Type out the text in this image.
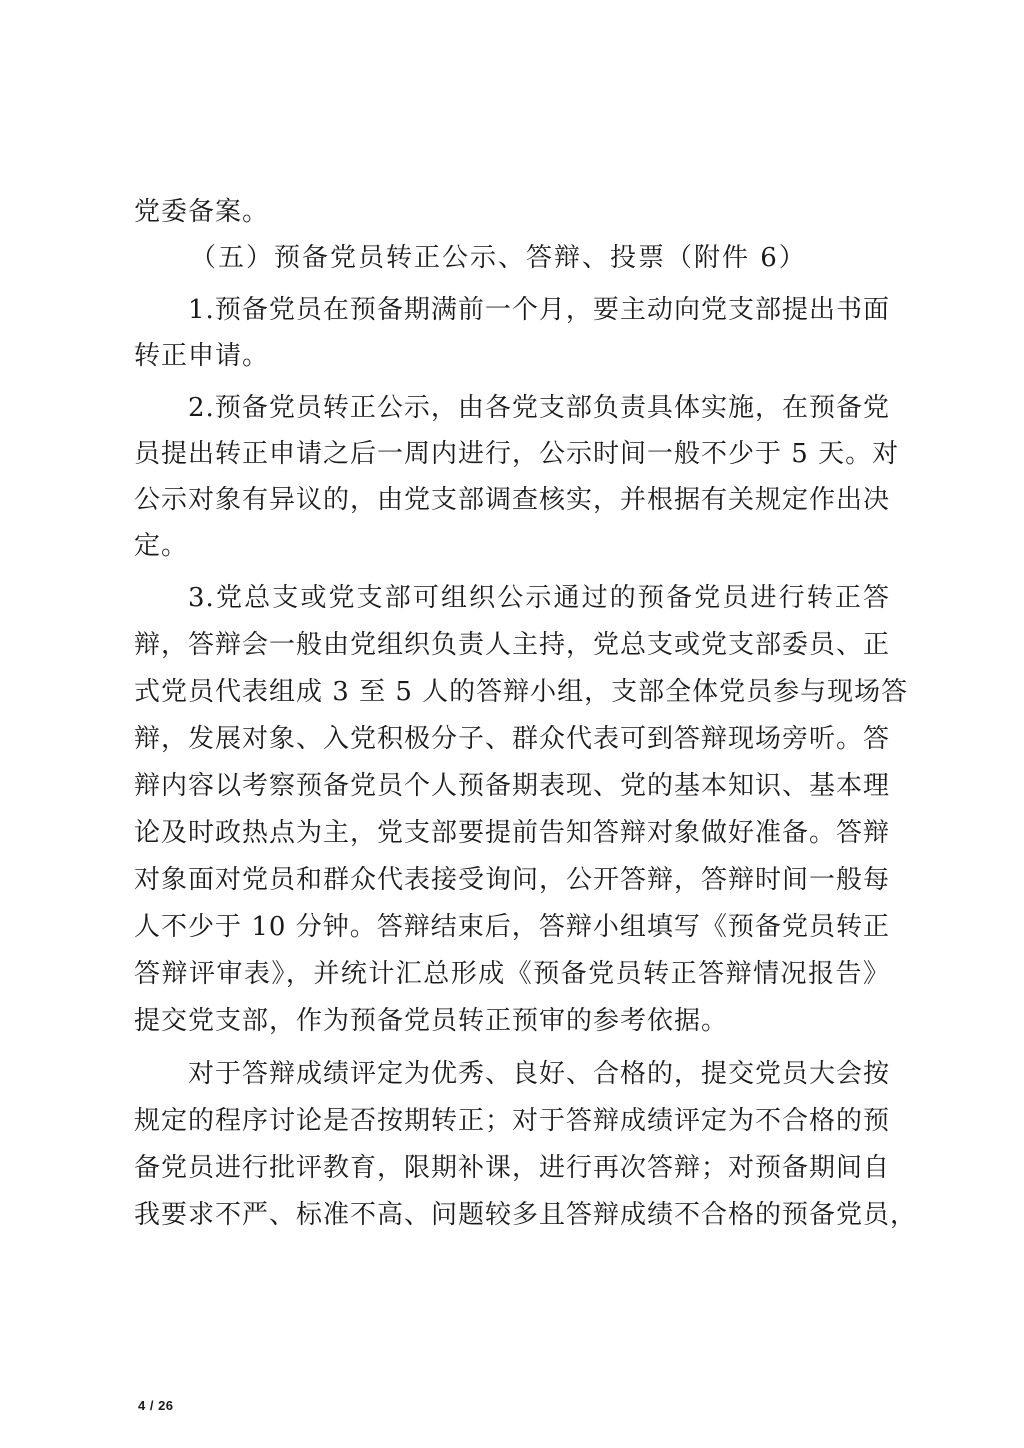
党委备案。
（五）预备党员转正公示、答辩、投票（附件 6）
1.预备党员在预备期满前一个月，要主动向党支部提出书面
转正申请。
2.预备党员转正公示，由各党支部负责具体实施，在预备党
员提出转正申请之后一周内进行，公示时间一般不少于 5 天。对
公示对象有异议的，由党支部调查核实，并根据有关规定作出决
定。
3.党总支或党支部可组织公示通过的预备党员进行转正答
辩，答辩会一般由党组织负责人主持，党总支或党支部委员、正
式党员代表组成 3 至 5 人的答辩小组，支部全体党员参与现场答
辩，发展对象、入党积极分子、群众代表可到答辩现场旁听。答
辩内容以考察预备党员个人预备期表现、党的基本知识、基本理
论及时政热点为主，党支部要提前告知答辩对象做好准备。答辩
对象面对党员和群众代表接受询问，公开答辩，答辩时间一般每
人不少于 10 分钟。答辩结束后，答辩小组填写《预备党员转正
答辩评审表》，并统计汇总形成《预备党员转正答辩情况报告》
提交党支部，作为预备党员转正预审的参考依据。
对于答辩成绩评定为优秀、良好、合格的，提交党员大会按
规定的程序讨论是否按期转正；对于答辩成绩评定为不合格的预
备党员进行批评教育，限期补课，进行再次答辩；对预备期间自
我要求不严、标准不高、问题较多且答辩成绩不合格的预备党员，
4 / 26
